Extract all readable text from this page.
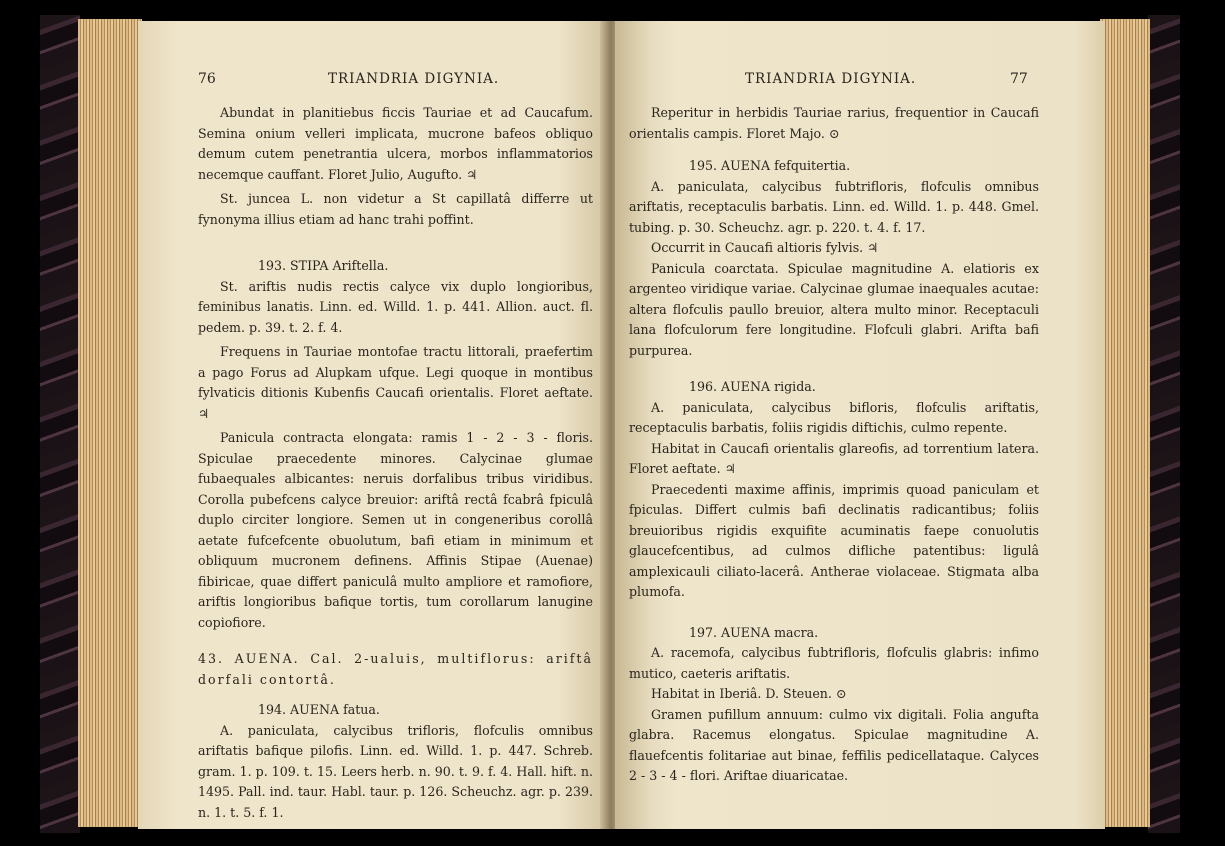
76	TRIANDRIA DIGYNIA.

Abundat in planitiebus ficcis Tauriae et ad Caucafum. Semina onium velleri implicata, mucrone bafeos obliquo demum cutem penetrantia ulcera, morbos inflammatorios necemque cauffant. Floret Julio, Augufto. ♃

St. juncea L. non videtur a St capillatâ differre ut fynonyma illius etiam ad hanc trahi poffint.

193. STIPA Ariftella.

St. ariftis nudis rectis calyce vix duplo longioribus, feminibus lanatis. Linn. ed. Willd. 1. p. 441. Allion. auct. fl. pedem. p. 39. t. 2. f. 4.

Frequens in Tauriae montofae tractu littorali, praefertim a pago Forus ad Alupkam ufque. Legi quoque in montibus fylvaticis ditionis Kubenfis Caucafi orientalis. Floret aeftate. ♃

Panicula contracta elongata: ramis 1 - 2 - 3 - floris. Spiculae praecedente minores. Calycinae glumae fubaequales albicantes: neruis dorfalibus tribus viridibus. Corolla pubefcens calyce breuior: ariftâ rectâ fcabrâ fpiculâ duplo circiter longiore. Semen ut in congeneribus corollâ aetate fufcefcente obuolutum, bafi etiam in minimum et obliquum mucronem definens. Affinis Stipae (Auenae) fibiricae, quae differt paniculâ multo ampliore et ramofiore, ariftis longioribus bafique tortis, tum corollarum lanugine copiofiore.

43. AUENA. Cal. 2-ualuis, multiflorus: ariftâ dorfali contortâ.

194. AUENA fatua.

A. paniculata, calycibus trifloris, flofculis omnibus ariftatis bafique pilofis. Linn. ed. Willd. 1. p. 447. Schreb. gram. 1. p. 109. t. 15. Leers herb. n. 90. t. 9. f. 4. Hall. hift. n. 1495. Pall. ind. taur. Habl. taur. p. 126. Scheuchz. agr. p. 239. n. 1. t. 5. f. 1.

TRIANDRIA DIGYNIA.	77

Reperitur in herbidis Tauriae rarius, frequentior in Caucafi orientalis campis. Floret Majo. ⊙

195. AUENA fefquitertia.

A. paniculata, calycibus fubtrifloris, flofculis omnibus ariftatis, receptaculis barbatis. Linn. ed. Willd. 1. p. 448. Gmel. tubing. p. 30. Scheuchz. agr. p. 220. t. 4. f. 17.

Occurrit in Caucafi altioris fylvis. ♃

Panicula coarctata. Spiculae magnitudine A. elatioris ex argenteo viridique variae. Calycinae glumae inaequales acutae: altera flofculis paullo breuior, altera multo minor. Receptaculi lana flofculorum fere longitudine. Flofculi glabri. Arifta bafi purpurea.

196. AUENA rigida.

A. paniculata, calycibus bifloris, flofculis ariftatis, receptaculis barbatis, foliis rigidis diftichis, culmo repente.

Habitat in Caucafi orientalis glareofis, ad torrentium latera. Floret aeftate. ♃

Praecedenti maxime affinis, imprimis quoad paniculam et fpiculas. Differt culmis bafi declinatis radicantibus; foliis breuioribus rigidis exquifite acuminatis faepe conuolutis glaucefcentibus, ad culmos difliche patentibus: ligulâ amplexicauli ciliato-lacerâ. Antherae violaceae. Stigmata alba plumofa.

197. AUENA macra.

A. racemofa, calycibus fubtrifloris, flofculis glabris: infimo mutico, caeteris ariftatis.

Habitat in Iberiâ. D. Steuen. ⊙

Gramen pufillum annuum: culmo vix digitali. Folia angufta glabra. Racemus elongatus. Spiculae magnitudine A. flauefcentis folitariae aut binae, feffilis pedicellataque. Calyces 2 - 3 - 4 - flori. Ariftae diuaricatae.
